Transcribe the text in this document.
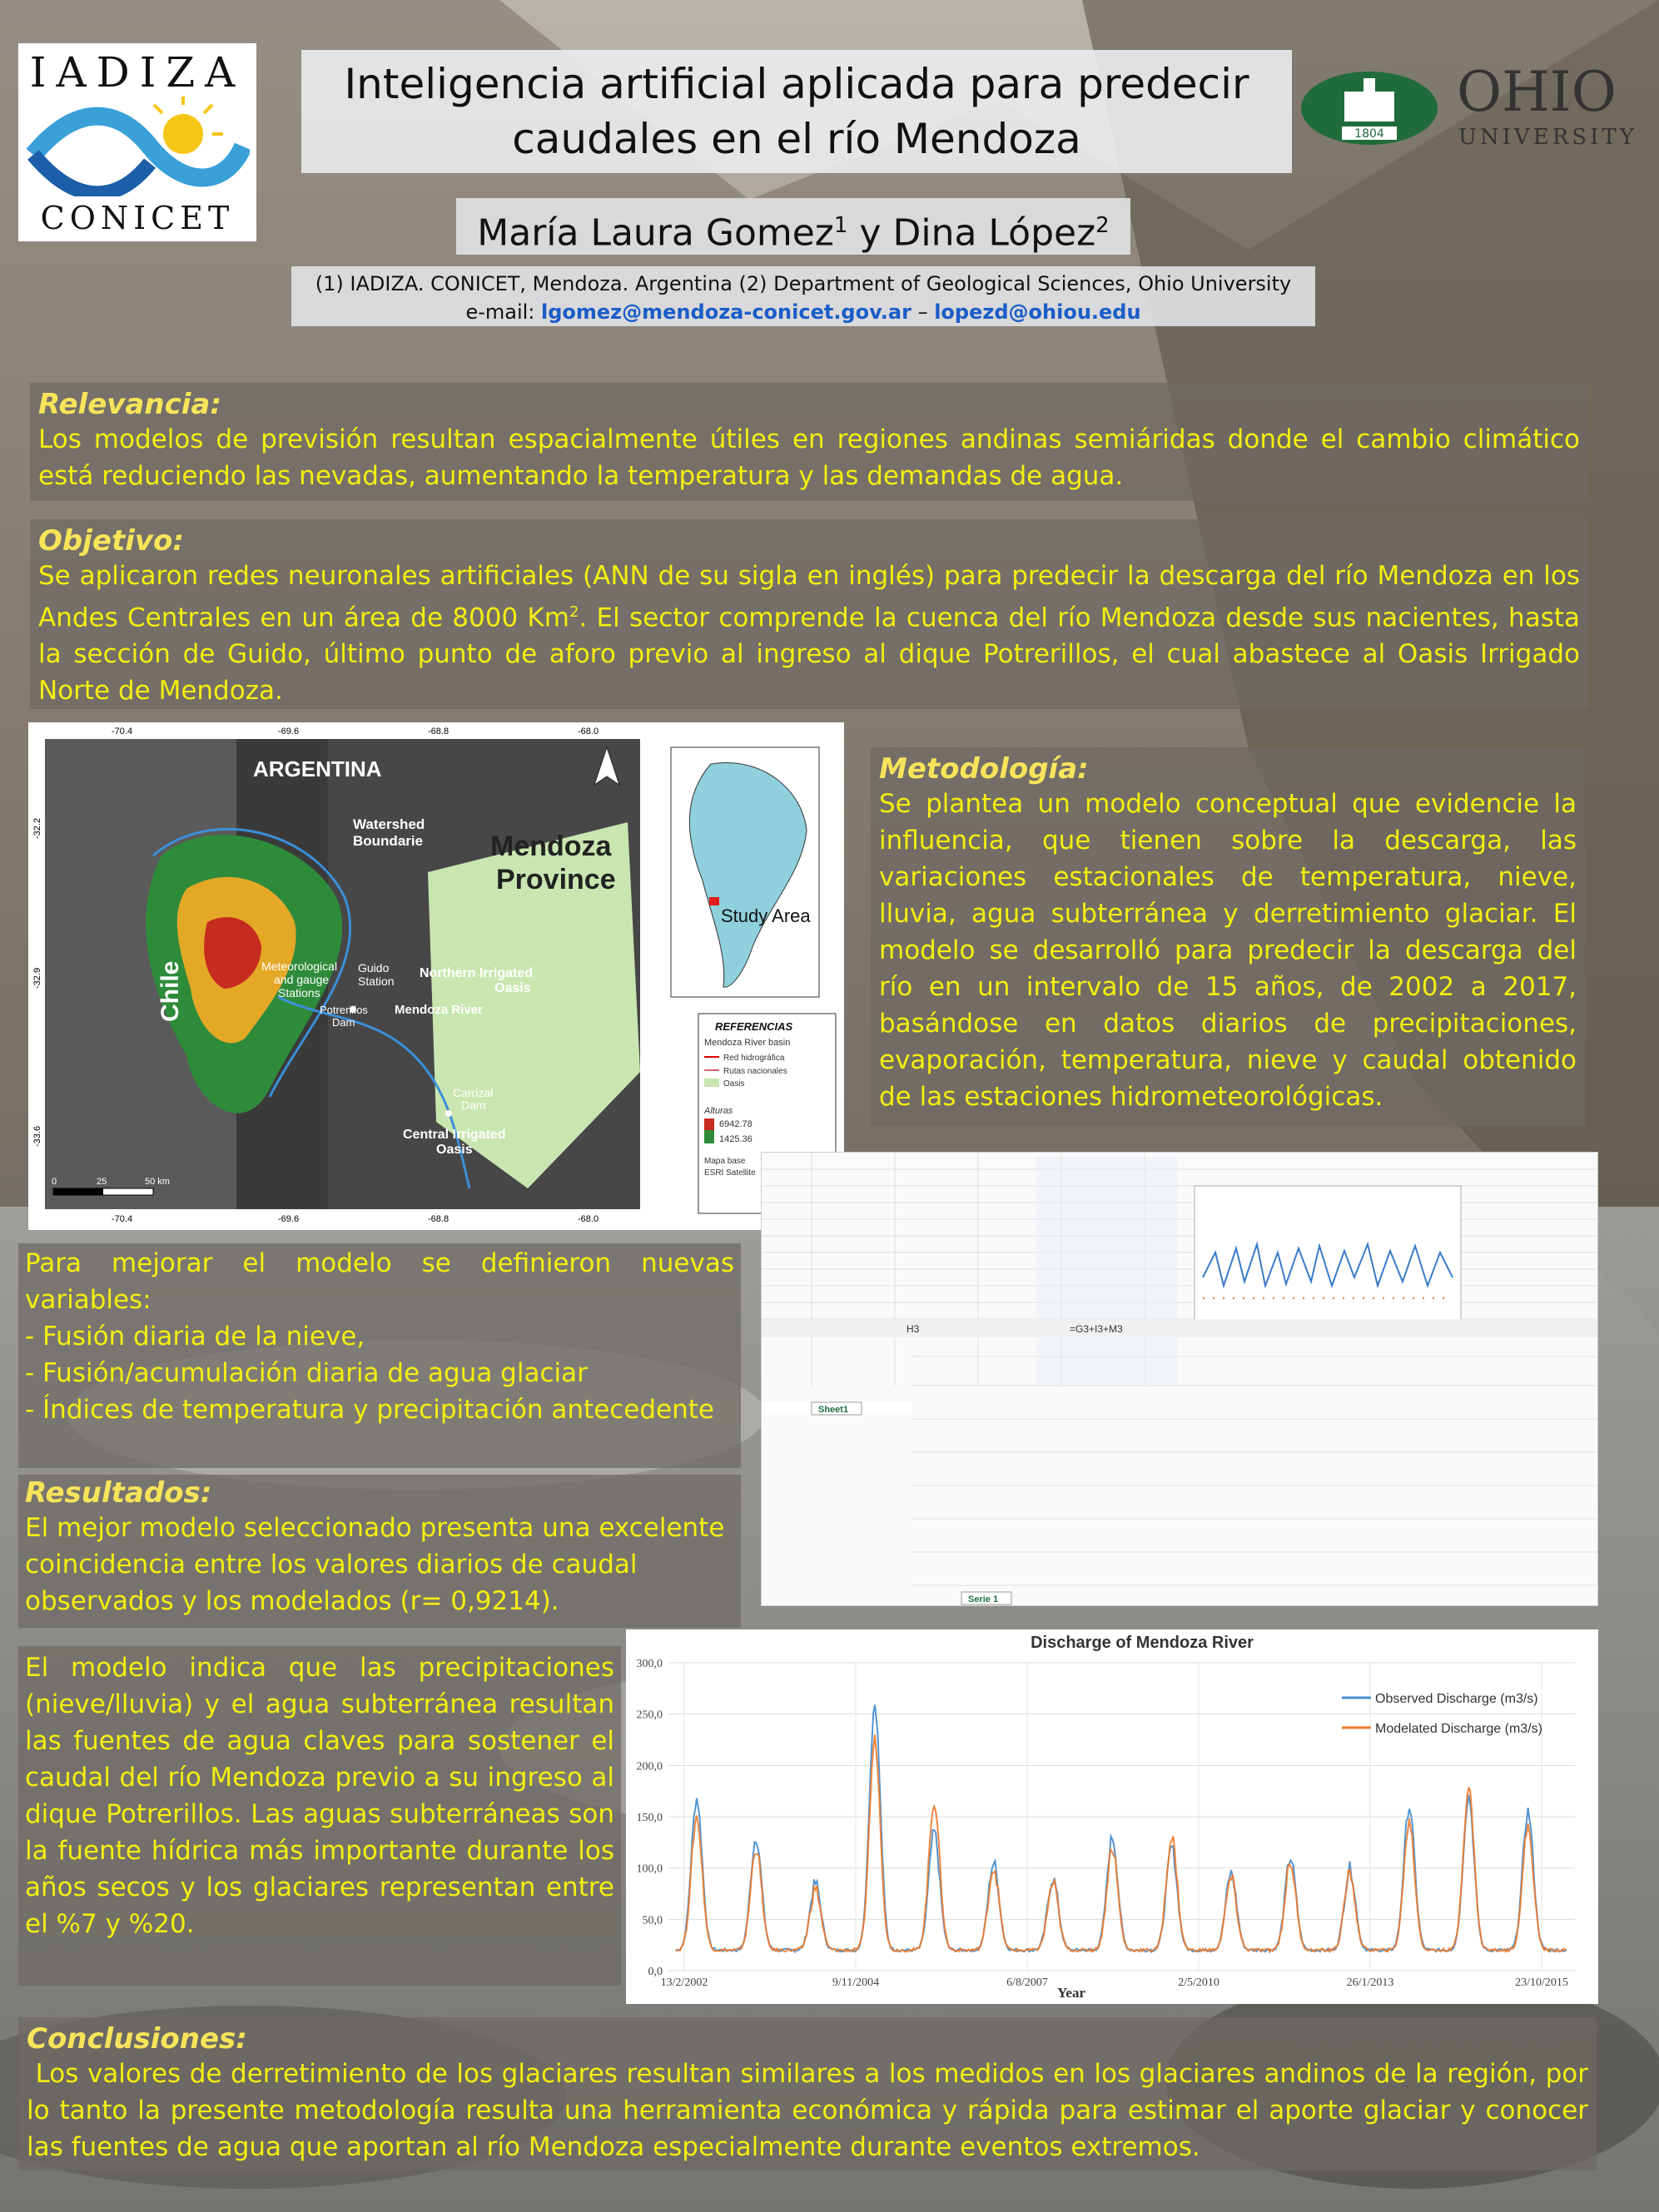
IADIZA
CONICET
1804
OHIO
UNIVERSITY
Inteligencia artificial aplicada para predecir
caudales en el río Mendoza
María Laura Gomez$^1$ y Dina López$^2$
(1) IADIZA. CONICET, Mendoza. Argentina (2) Department of Geological Sciences, Ohio University
e-mail: lgomez@mendoza-conicet.gov.ar – lopezd@ohiou.edu
Relevancia:
Los modelos de previsión resultan espacialmente útiles en regiones andinas semiáridas donde el cambio climático está reduciendo las nevadas, aumentando la temperatura y las demandas de agua.
Objetivo:
Se aplicaron redes neuronales artificiales (ANN de su sigla en inglés) para predecir la descarga del río Mendoza en los Andes Centrales en un área de 8000 Km$^2$. El sector comprende la cuenca del río Mendoza desde sus nacientes, hasta la sección de Guido, último punto de aforo previo al ingreso al dique Potrerillos, el cual abastece al Oasis Irrigado Norte de Mendoza.
ARGENTINA
Mendoza
Province
Chile
Watershed
Boundarie
Meteorological
and gauge
Stations
Guido
Station
Potrerillos
Dam
Mendoza River
Northern Irrigated
Oasis
Carrizal
Dam
Central Irrigated
Oasis
0	25	50 km
-70.4	-69.6	-68.8	-68.0
-70.4	-69.6	-68.8	-68.0
-32.2
-32.9
-33.6
Study Area
REFERENCIAS
Mendoza River basin
Red hidrográfica
Rutas nacionales
Oasis
Alturas
6942.78
1425.36
Mapa base
ESRI Satellite
Metodología:
Se plantea un modelo conceptual que evidencie la influencia, que tienen sobre la descarga, las variaciones estacionales de temperatura, nieve, lluvia, agua subterránea y derretimiento glaciar. El modelo se desarrolló para predecir la descarga del río en un intervalo de 15 años, de 2002 a 2017, basándose en datos diarios de precipitaciones, evaporación, temperatura, nieve y caudal obtenido de las estaciones hidrometeorológicas.
H3	=G3+I3+M3
Sheet1
Serie 1
Para mejorar el modelo se definieron nuevas variables:
- Fusión diaria de la nieve,
- Fusión/acumulación diaria de agua glaciar
- Índices de temperatura y precipitación antecedente
Resultados:
El mejor modelo seleccionado presenta una excelente coincidencia entre los valores diarios de caudal observados y los modelados (r= 0,9214).
El modelo indica que las precipitaciones (nieve/lluvia) y el agua subterránea resultan las fuentes de agua claves para sostener el caudal del río Mendoza previo a su ingreso al dique Potrerillos. Las aguas subterráneas son la fuente hídrica más importante durante los años secos y los glaciares representan entre el %7 y %20.
Discharge of Mendoza River
Year
0,0
50,0
100,0
150,0
200,0
250,0
300,0
13/2/2002	9/11/2004	6/8/2007	2/5/2010	26/1/2013	23/10/2015
Observed Discharge (m3/s)
Modelated Discharge (m3/s)
Conclusiones:
Los valores de derretimiento de los glaciares resultan similares a los medidos en los glaciares andinos de la región, por lo tanto la presente metodología resulta una herramienta económica y rápida para estimar el aporte glaciar y conocer las fuentes de agua que aportan al río Mendoza especialmente durante eventos extremos.
